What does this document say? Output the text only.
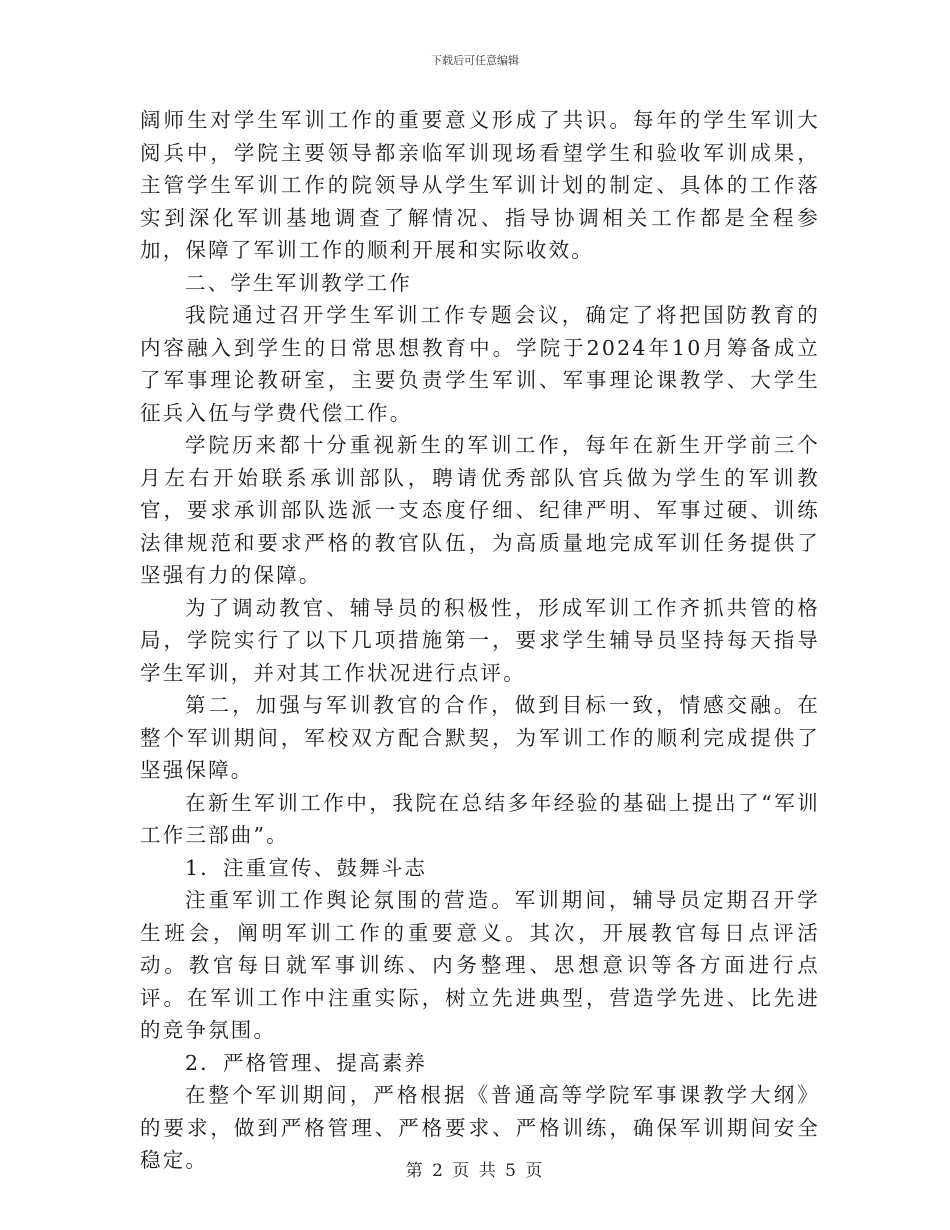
下载后可任意编辑

阔师生对学生军训工作的重要意义形成了共识。每年的学生军训大阅兵中，学院主要领导都亲临军训现场看望学生和验收军训成果，主管学生军训工作的院领导从学生军训计划的制定、具体的工作落实到深化军训基地调查了解情况、指导协调相关工作都是全程参加，保障了军训工作的顺利开展和实际收效。

二、学生军训教学工作

我院通过召开学生军训工作专题会议，确定了将把国防教育的内容融入到学生的日常思想教育中。学院于2024年10月筹备成立了军事理论教研室，主要负责学生军训、军事理论课教学、大学生征兵入伍与学费代偿工作。

学院历来都十分重视新生的军训工作，每年在新生开学前三个月左右开始联系承训部队，聘请优秀部队官兵做为学生的军训教官，要求承训部队选派一支态度仔细、纪律严明、军事过硬、训练法律规范和要求严格的教官队伍，为高质量地完成军训任务提供了坚强有力的保障。

为了调动教官、辅导员的积极性，形成军训工作齐抓共管的格局，学院实行了以下几项措施第一，要求学生辅导员坚持每天指导学生军训，并对其工作状况进行点评。

第二，加强与军训教官的合作，做到目标一致，情感交融。在整个军训期间，军校双方配合默契，为军训工作的顺利完成提供了坚强保障。

在新生军训工作中，我院在总结多年经验的基础上提出了“军训工作三部曲”。

1．注重宣传、鼓舞斗志

注重军训工作舆论氛围的营造。军训期间，辅导员定期召开学生班会，阐明军训工作的重要意义。其次，开展教官每日点评活动。教官每日就军事训练、内务整理、思想意识等各方面进行点评。在军训工作中注重实际，树立先进典型，营造学先进、比先进的竞争氛围。

2．严格管理、提高素养

在整个军训期间，严格根据《普通高等学院军事课教学大纲》的要求，做到严格管理、严格要求、严格训练，确保军训期间安全稳定。	第 2 页 共 5 页
